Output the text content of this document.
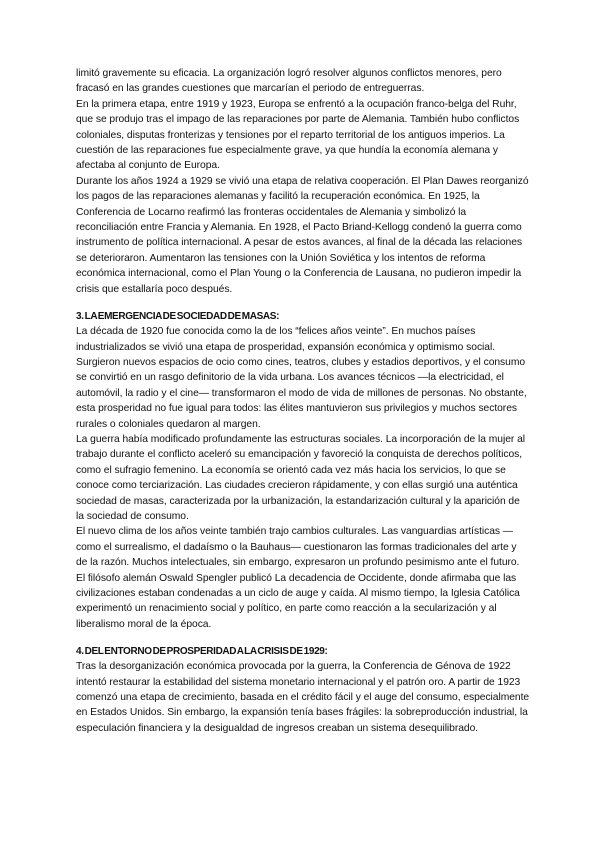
limitó gravemente su eficacia. La organización logró resolver algunos conflictos menores, pero fracasó en las grandes cuestiones que marcarían el periodo de entreguerras.

En la primera etapa, entre 1919 y 1923, Europa se enfrentó a la ocupación franco-belga del Ruhr, que se produjo tras el impago de las reparaciones por parte de Alemania. También hubo conflictos coloniales, disputas fronterizas y tensiones por el reparto territorial de los antiguos imperios. La cuestión de las reparaciones fue especialmente grave, ya que hundía la economía alemana y afectaba al conjunto de Europa.

Durante los años 1924 a 1929 se vivió una etapa de relativa cooperación. El Plan Dawes reorganizó los pagos de las reparaciones alemanas y facilitó la recuperación económica. En 1925, la Conferencia de Locarno reafirmó las fronteras occidentales de Alemania y simbolizó la reconciliación entre Francia y Alemania. En 1928, el Pacto Briand-Kellogg condenó la guerra como instrumento de política internacional. A pesar de estos avances, al final de la década las relaciones se deterioraron. Aumentaron las tensiones con la Unión Soviética y los intentos de reforma económica internacional, como el Plan Young o la Conferencia de Lausana, no pudieron impedir la crisis que estallaría poco después.

3. LA EMERGENCIA DE SOCIEDAD DE MASAS:

La década de 1920 fue conocida como la de los “felices años veinte”. En muchos países industrializados se vivió una etapa de prosperidad, expansión económica y optimismo social. Surgieron nuevos espacios de ocio como cines, teatros, clubes y estadios deportivos, y el consumo se convirtió en un rasgo definitorio de la vida urbana. Los avances técnicos —la electricidad, el automóvil, la radio y el cine— transformaron el modo de vida de millones de personas. No obstante, esta prosperidad no fue igual para todos: las élites mantuvieron sus privilegios y muchos sectores rurales o coloniales quedaron al margen.

La guerra había modificado profundamente las estructuras sociales. La incorporación de la mujer al trabajo durante el conflicto aceleró su emancipación y favoreció la conquista de derechos políticos, como el sufragio femenino. La economía se orientó cada vez más hacia los servicios, lo que se conoce como terciarización. Las ciudades crecieron rápidamente, y con ellas surgió una auténtica sociedad de masas, caracterizada por la urbanización, la estandarización cultural y la aparición de la sociedad de consumo.

El nuevo clima de los años veinte también trajo cambios culturales. Las vanguardias artísticas —como el surrealismo, el dadaísmo o la Bauhaus— cuestionaron las formas tradicionales del arte y de la razón. Muchos intelectuales, sin embargo, expresaron un profundo pesimismo ante el futuro. El filósofo alemán Oswald Spengler publicó La decadencia de Occidente, donde afirmaba que las civilizaciones estaban condenadas a un ciclo de auge y caída. Al mismo tiempo, la Iglesia Católica experimentó un renacimiento social y político, en parte como reacción a la secularización y al liberalismo moral de la época.

4. DEL ENTORNO DE PROSPERIDAD A LA CRISIS DE 1929:

Tras la desorganización económica provocada por la guerra, la Conferencia de Génova de 1922 intentó restaurar la estabilidad del sistema monetario internacional y el patrón oro. A partir de 1923 comenzó una etapa de crecimiento, basada en el crédito fácil y el auge del consumo, especialmente en Estados Unidos. Sin embargo, la expansión tenía bases frágiles: la sobreproducción industrial, la especulación financiera y la desigualdad de ingresos creaban un sistema desequilibrado.
